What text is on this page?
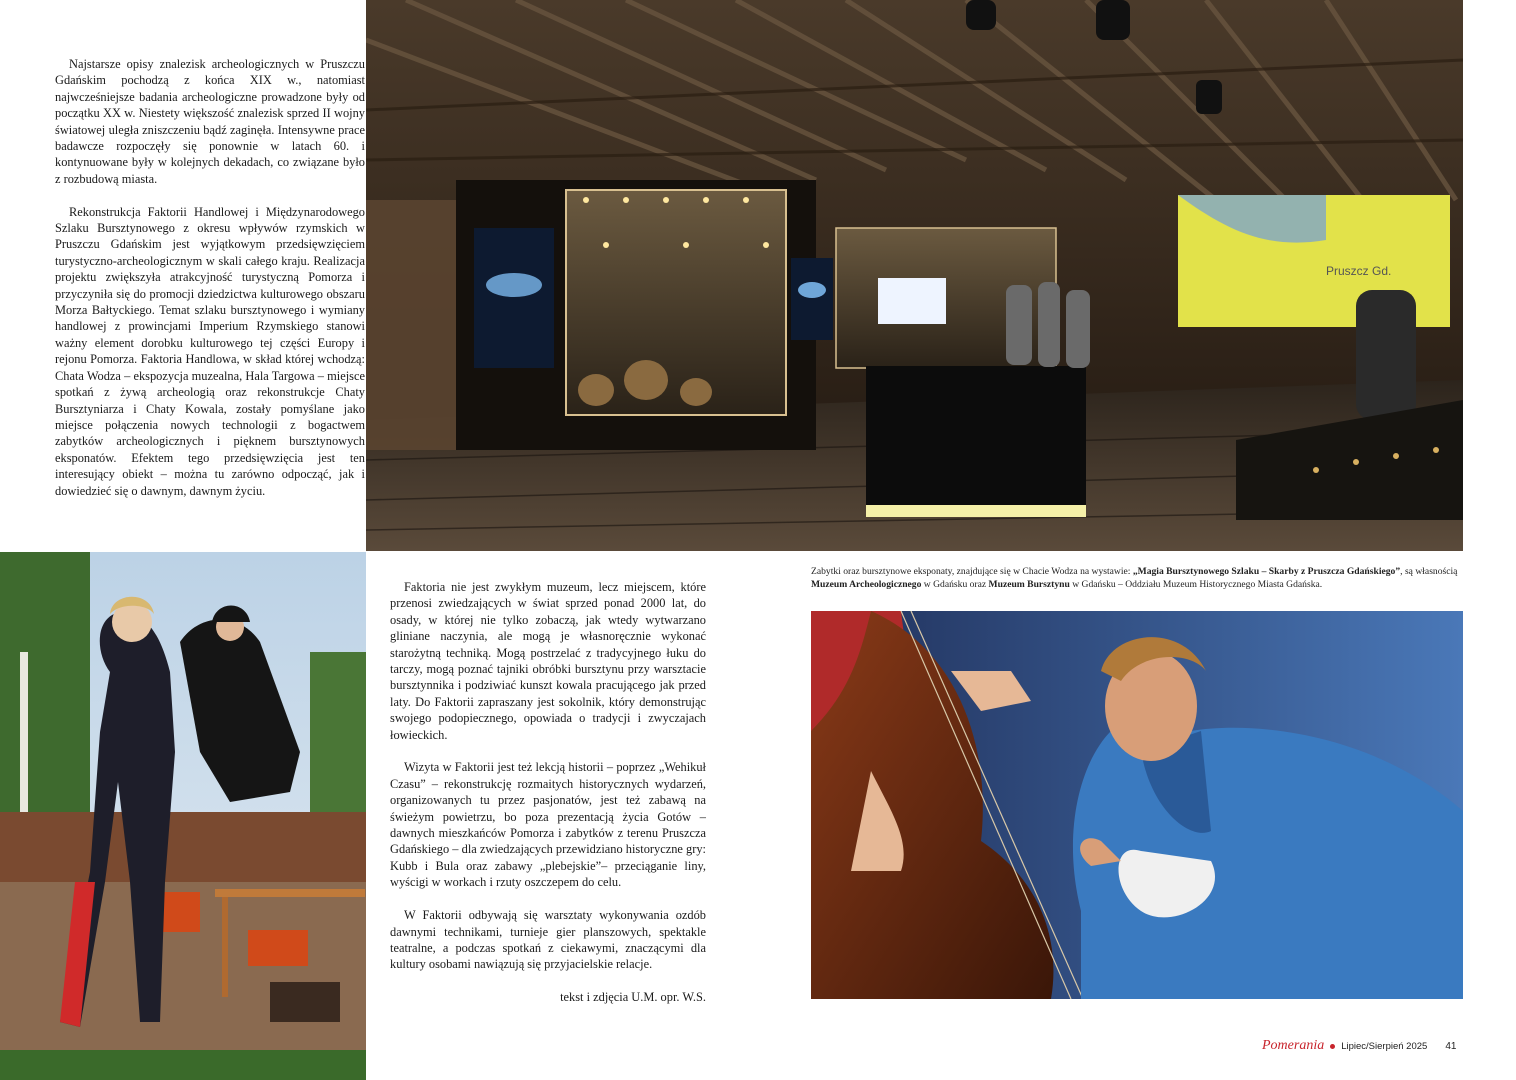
Najstarsze opisy znalezisk archeologicznych w Pruszczu Gdańskim pochodzą z końca XIX w., natomiast najwcześniejsze badania archeologiczne prowadzone były od początku XX w. Niestety większość znalezisk sprzed II wojny światowej uległa zniszczeniu bądź zaginęła. Intensywne prace badawcze rozpoczęły się ponownie w latach 60. i kontynuowane były w kolejnych dekadach, co związane było z rozbudową miasta.

Rekonstrukcja Faktorii Handlowej i Międzynarodowego Szlaku Bursztynowego z okresu wpływów rzymskich w Pruszczu Gdańskim jest wyjątkowym przedsięwzięciem turystyczno-archeologicznym w skali całego kraju. Realizacja projektu zwiększyła atrakcyjność turystyczną Pomorza i przyczyniła się do promocji dziedzictwa kulturowego obszaru Morza Bałtyckiego. Temat szlaku bursztynowego i wymiany handlowej z prowincjami Imperium Rzymskiego stanowi ważny element dorobku kulturowego tej części Europy i rejonu Pomorza. Faktoria Handlowa, w skład której wchodzą: Chata Wodza – ekspozycja muzealna, Hala Targowa – miejsce spotkań z żywą archeologią oraz rekonstrukcje Chaty Bursztyniarza i Chaty Kowala, zostały pomyślane jako miejsce połączenia nowych technologii z bogactwem zabytków archeologicznych i pięknem bursztynowych eksponatów. Efektem tego przedsięwzięcia jest ten interesujący obiekt – można tu zarówno odpocząć, jak i dowiedzieć się o dawnym, dawnym życiu.

Pruszcz Gd.

Faktoria nie jest zwykłym muzeum, lecz miejscem, które przenosi zwiedzających w świat sprzed ponad 2000 lat, do osady, w której nie tylko zobaczą, jak wtedy wytwarzano gliniane naczynia, ale mogą je własnoręcznie wykonać starożytną techniką. Mogą postrzelać z tradycyjnego łuku do tarczy, mogą poznać tajniki obróbki bursztynu przy warsztacie bursztynnika i podziwiać kunszt kowala pracującego jak przed laty. Do Faktorii zapraszany jest sokolnik, który demonstrując swojego podopiecznego, opowiada o tradycji i zwyczajach łowieckich.

Wizyta w Faktorii jest też lekcją historii – poprzez „Wehikuł Czasu” – rekonstrukcję rozmaitych historycznych wydarzeń, organizowanych tu przez pasjonatów, jest też zabawą na świeżym powietrzu, bo poza prezentacją życia Gotów – dawnych mieszkańców Pomorza i zabytków z terenu Pruszcza Gdańskiego – dla zwiedzających przewidziano historyczne gry: Kubb i Bula oraz zabawy „plebejskie”– przeciąganie liny, wyścigi w workach i rzuty oszczepem do celu.

W Faktorii odbywają się warsztaty wykonywania ozdób dawnymi technikami, turnieje gier planszowych, spektakle teatralne, a podczas spotkań z ciekawymi, znaczącymi dla kultury osobami nawiązują się przyjacielskie relacje.

tekst i zdjęcia U.M. opr. W.S.

Zabytki oraz bursztynowe eksponaty, znajdujące się w Chacie Wodza na wystawie: „Magia Bursztynowego Szlaku – Skarby z Pruszcza Gdańskiego”, są własnością Muzeum Archeologicznego w Gdańsku oraz Muzeum Bursztynu w Gdańsku – Oddziału Muzeum Historycznego Miasta Gdańska.
Pomerania Lipiec/Sierpień 2025 41
